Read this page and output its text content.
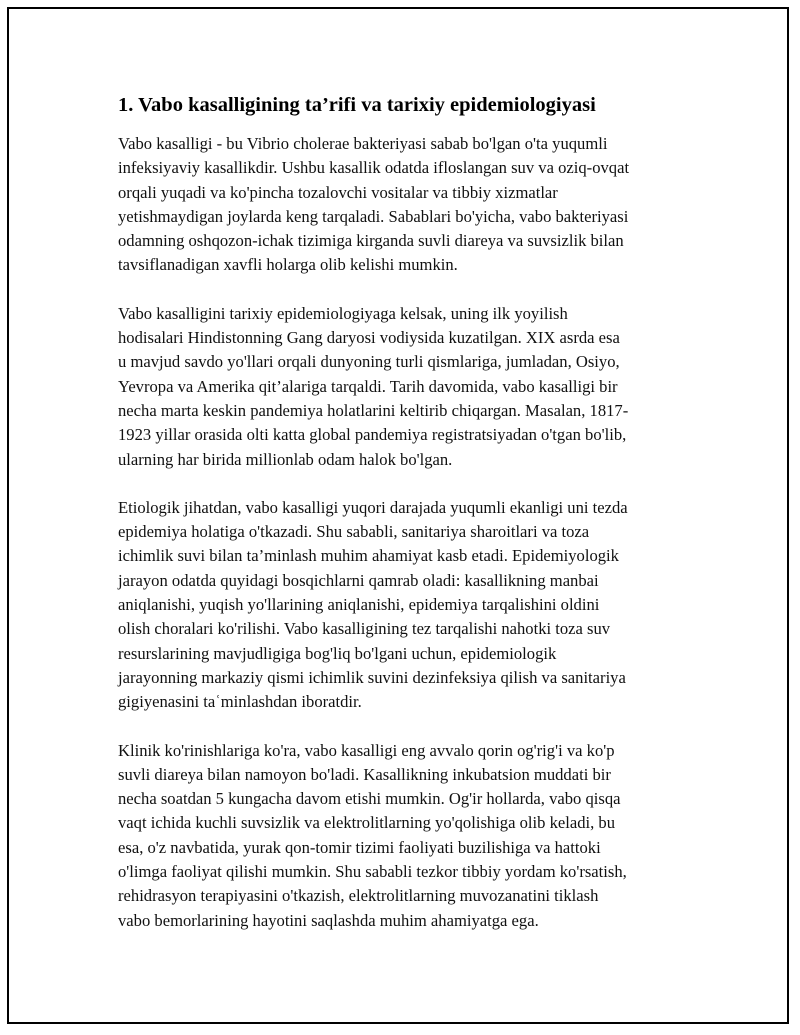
1. Vabo kasalligining ta’rifi va tarixiy epidemiologiyasi
Vabo kasalligi - bu Vibrio cholerae bakteriyasi sabab bo'lgan o'ta yuqumli
infeksiyaviy kasallikdir. Ushbu kasallik odatda ifloslangan suv va oziq-ovqat
orqali yuqadi va ko'pincha tozalovchi vositalar va tibbiy xizmatlar
yetishmaydigan joylarda keng tarqaladi. Sabablari bo'yicha, vabo bakteriyasi
odamning oshqozon-ichak tizimiga kirganda suvli diareya va suvsizlik bilan
tavsiflanadigan xavfli holarga olib kelishi mumkin.
Vabo kasalligini tarixiy epidemiologiyaga kelsak, uning ilk yoyilish
hodisalari Hindistonning Gang daryosi vodiysida kuzatilgan. XIX asrda esa
u mavjud savdo yo'llari orqali dunyoning turli qismlariga, jumladan, Osiyo,
Yevropa va Amerika qit’alariga tarqaldi. Tarih davomida, vabo kasalligi bir
necha marta keskin pandemiya holatlarini keltirib chiqargan. Masalan, 1817-
1923 yillar orasida olti katta global pandemiya registratsiyadan o'tgan bo'lib,
ularning har birida millionlab odam halok bo'lgan.
Etiologik jihatdan, vabo kasalligi yuqori darajada yuqumli ekanligi uni tezda
epidemiya holatiga o'tkazadi. Shu sababli, sanitariya sharoitlari va toza
ichimlik suvi bilan ta’minlash muhim ahamiyat kasb etadi. Epidemiyologik
jarayon odatda quyidagi bosqichlarni qamrab oladi: kasallikning manbai
aniqlanishi, yuqish yo'llarining aniqlanishi, epidemiya tarqalishini oldini
olish choralari ko'rilishi. Vabo kasalligining tez tarqalishi nahotki toza suv
resurslarining mavjudligiga bog'liq bo'lgani uchun, epidemiologik
jarayonning markaziy qismi ichimlik suvini dezinfeksiya qilish va sanitariya
gigiyenasini taʿminlashdan iboratdir.
Klinik ko'rinishlariga ko'ra, vabo kasalligi eng avvalo qorin og'rig'i va ko'p
suvli diareya bilan namoyon bo'ladi. Kasallikning inkubatsion muddati bir
necha soatdan 5 kungacha davom etishi mumkin. Og'ir hollarda, vabo qisqa
vaqt ichida kuchli suvsizlik va elektrolitlarning yo'qolishiga olib keladi, bu
esa, o'z navbatida, yurak qon-tomir tizimi faoliyati buzilishiga va hattoki
o'limga faoliyat qilishi mumkin. Shu sababli tezkor tibbiy yordam ko'rsatish,
rehidrasyon terapiyasini o'tkazish, elektrolitlarning muvozanatini tiklash
vabo bemorlarining hayotini saqlashda muhim ahamiyatga ega.
